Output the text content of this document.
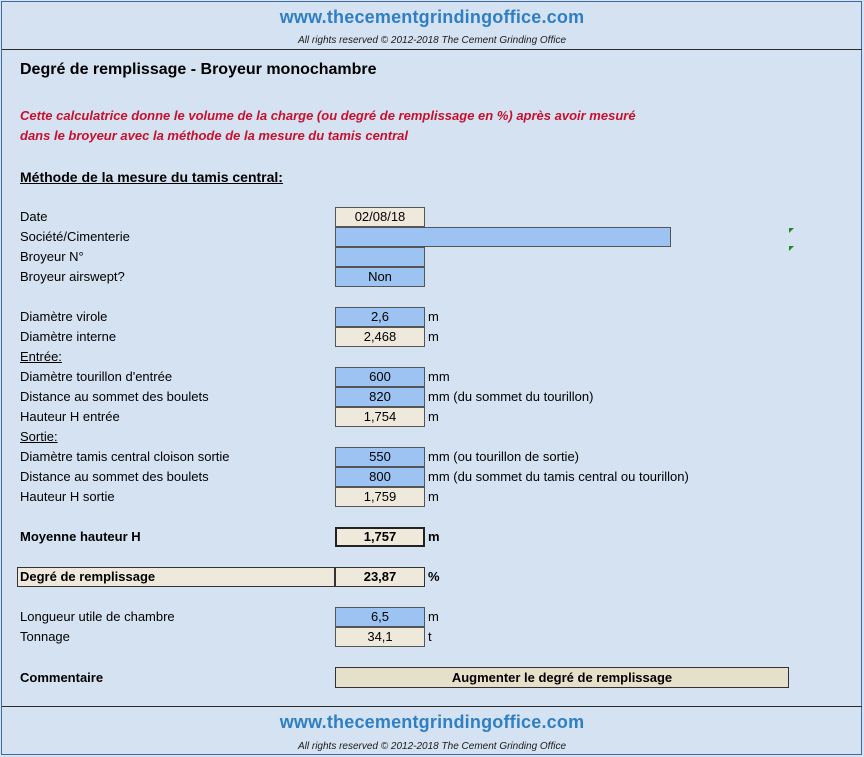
www.thecementgrindingoffice.com
All rights reserved © 2012-2018 The Cement Grinding Office
Degré de remplissage - Broyeur monochambre
Cette calculatrice donne le volume de la charge (ou degré de remplissage en %) après avoir mesuré
dans le broyeur avec la méthode de la mesure du tamis central
Méthode de la mesure du tamis central:
Date	02/08/18
Société/Cimenterie
Broyeur N°
Broyeur airswept?	Non
Diamètre virole	2,6	m
Diamètre interne	2,468	m
Entrée:
Diamètre tourillon d'entrée	600	mm
Distance au sommet des boulets	820	mm (du sommet du tourillon)
Hauteur H entrée	1,754	m
Sortie:
Diamètre tamis central cloison sortie	550	mm (ou tourillon de sortie)
Distance au sommet des boulets	800	mm (du sommet du tamis central ou tourillon)
Hauteur H sortie	1,759	m
Moyenne hauteur H	1,757	m
Degré de remplissage	23,87	%
Longueur utile de chambre	6,5	m
Tonnage	34,1	t
Commentaire	Augmenter le degré de remplissage
www.thecementgrindingoffice.com
All rights reserved © 2012-2018 The Cement Grinding Office
